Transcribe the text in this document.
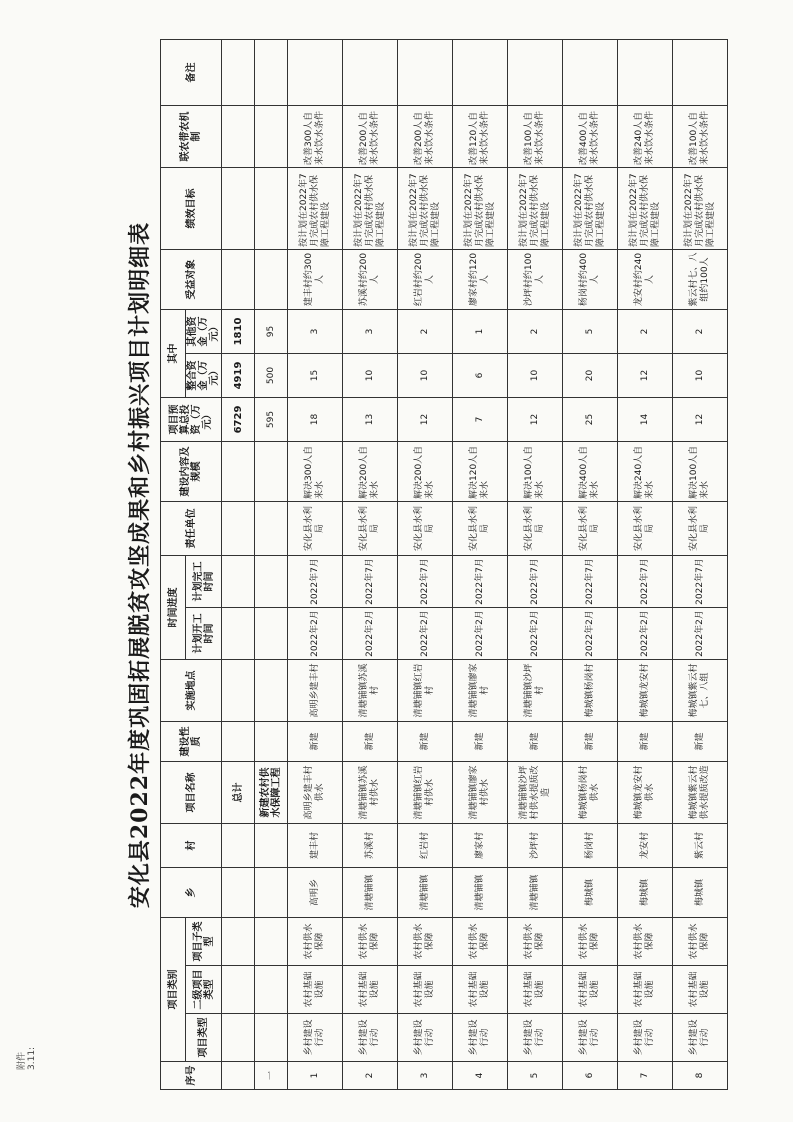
附件3.11:
安化县2022年度巩固拓展脱贫攻坚成果和乡村振兴项目计划明细表
序号	项目类别			乡	村	项目名称	建设性质	实施地点	时间进度		责任单位	建设内容及规模	项目预算总投资（万元）	其中		受益对象	绩效目标	联农带农机制	备注
	项目类型	二级项目类型	项目子类型						计划开工时间	计划完工时间				整合资金（万元）	其他资金（万元）				
						总计							6729	4919	1810				
一						新建农村供水保障工程							595	500	95				
1	乡村建设行动	农村基础设施	农村供水保障	高明乡	建丰村	高明乡建丰村供水	新建	高明乡建丰村	2022年2月	2022年7月	安化县水利局	解决300人自来水	18	15	3	建丰村约300人	按计划在2022年7月完成农村供水保障工程建设	改善300人自来水饮水条件	
2	乡村建设行动	农村基础设施	农村供水保障	清塘铺镇	苏溪村	清塘铺镇苏溪村供水	新建	清塘铺镇苏溪村	2022年2月	2022年7月	安化县水利局	解决200人自来水	13	10	3	苏溪村约200人	按计划在2022年7月完成农村供水保障工程建设	改善200人自来水饮水条件	
3	乡村建设行动	农村基础设施	农村供水保障	清塘铺镇	红岩村	清塘铺镇红岩村供水	新建	清塘铺镇红岩村	2022年2月	2022年7月	安化县水利局	解决200人自来水	12	10	2	红岩村约200人	按计划在2022年7月完成农村供水保障工程建设	改善200人自来水饮水条件	
4	乡村建设行动	农村基础设施	农村供水保障	清塘铺镇	廖家村	清塘铺镇廖家村供水	新建	清塘铺镇廖家村	2022年2月	2022年7月	安化县水利局	解决120人自来水	7	6	1	廖家村约120人	按计划在2022年7月完成农村供水保障工程建设	改善120人自来水饮水条件	
5	乡村建设行动	农村基础设施	农村供水保障	清塘铺镇	沙坪村	清塘铺镇沙坪村供水提质改造	新建	清塘铺镇沙坪村	2022年2月	2022年7月	安化县水利局	解决100人自来水	12	10	2	沙坪村约100人	按计划在2022年7月完成农村供水保障工程建设	改善100人自来水饮水条件	
6	乡村建设行动	农村基础设施	农村供水保障	梅城镇	杨岗村	梅城镇杨岗村供水	新建	梅城镇杨岗村	2022年2月	2022年7月	安化县水利局	解决400人自来水	25	20	5	杨岗村约400人	按计划在2022年7月完成农村供水保障工程建设	改善400人自来水饮水条件	
7	乡村建设行动	农村基础设施	农村供水保障	梅城镇	龙安村	梅城镇龙安村供水	新建	梅城镇龙安村	2022年2月	2022年7月	安化县水利局	解决240人自来水	14	12	2	龙安村约240人	按计划在2022年7月完成农村供水保障工程建设	改善240人自来水饮水条件	
8	乡村建设行动	农村基础设施	农村供水保障	梅城镇	紫云村	梅城镇紫云村供水提质改造	新建	梅城镇紫云村七、八组	2022年2月	2022年7月	安化县水利局	解决100人自来水	12	10	2	紫云村七、八组约100人	按计划在2022年7月完成农村供水保障工程建设	改善100人自来水饮水条件	
